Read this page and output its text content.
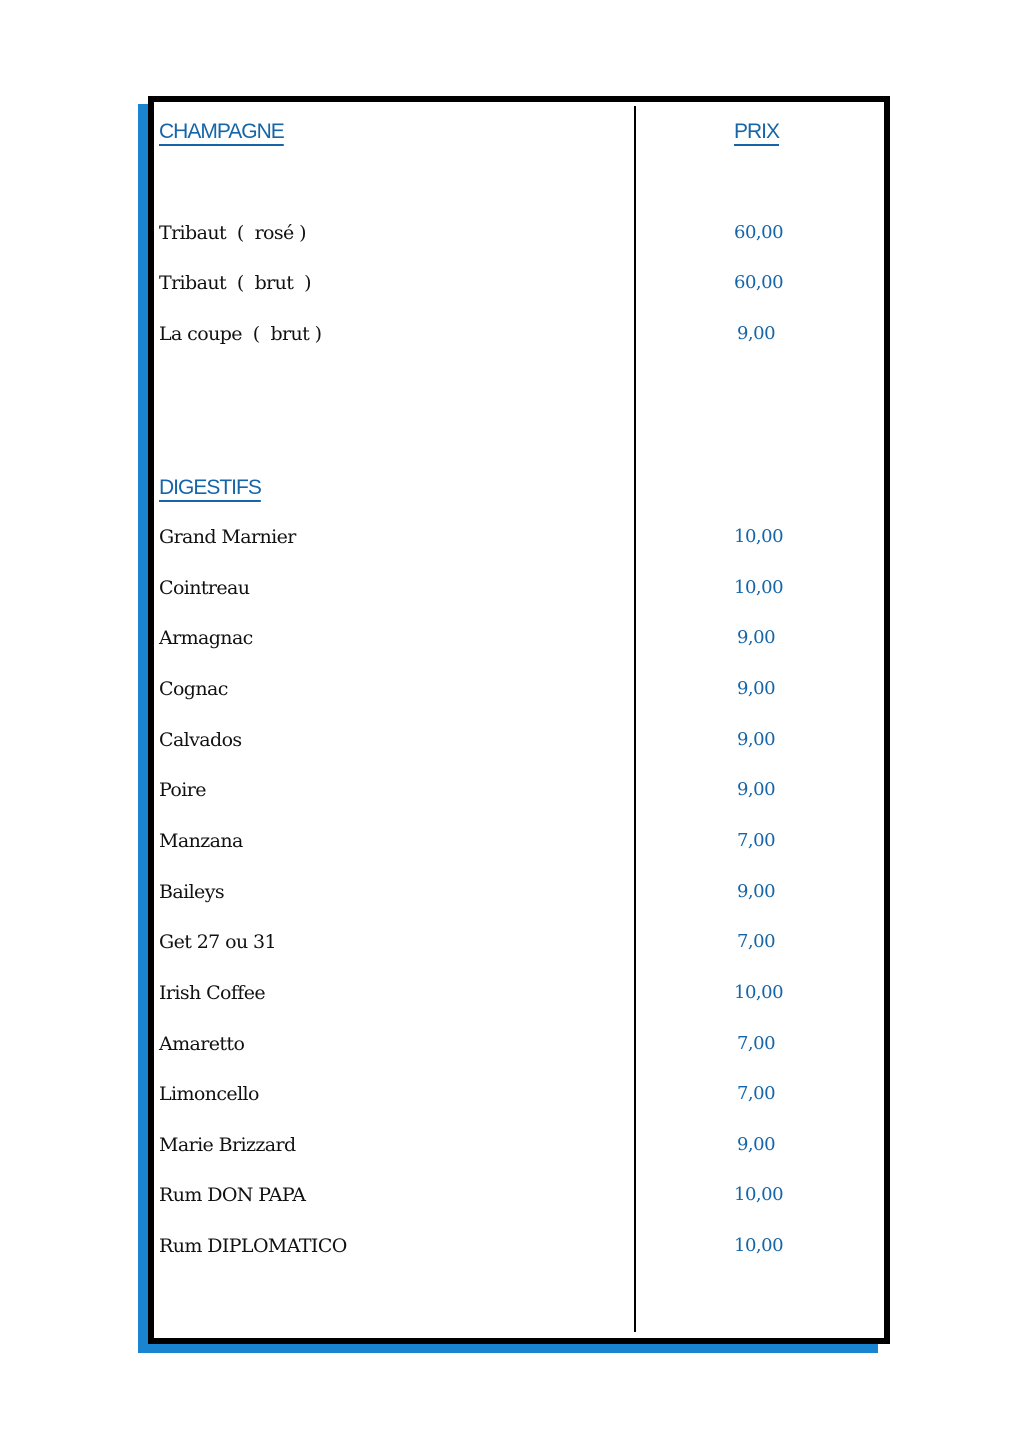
CHAMPAGNE	PRIX
Tribaut  (  rosé )	60,00
Tribaut  (  brut  )	60,00
La coupe  (  brut )	9,00
DIGESTIFS
Grand Marnier	10,00
Cointreau	10,00
Armagnac	9,00
Cognac	9,00
Calvados	9,00
Poire	9,00
Manzana	7,00
Baileys	9,00
Get 27 ou 31	7,00
Irish Coffee	10,00
Amaretto	7,00
Limoncello	7,00
Marie Brizzard	9,00
Rum DON PAPA	10,00
Rum DIPLOMATICO	10,00
